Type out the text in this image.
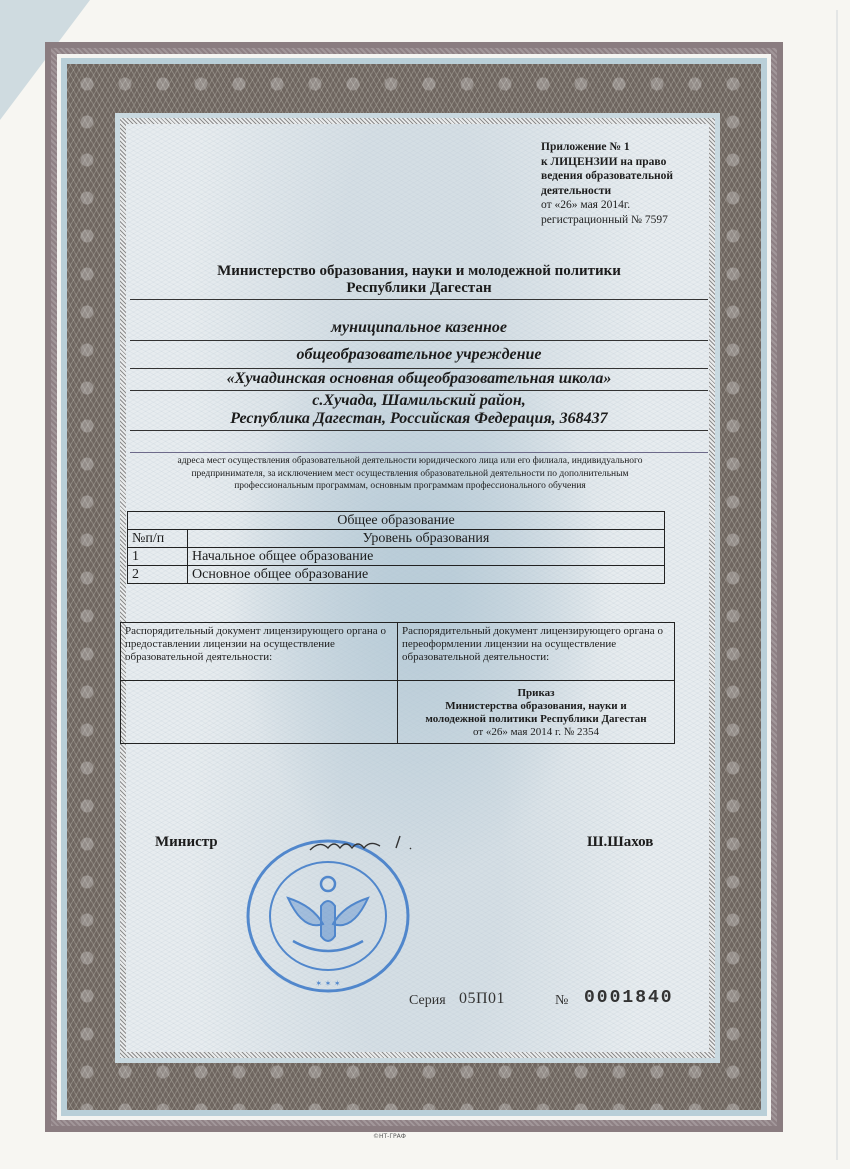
Приложение № 1
к ЛИЦЕНЗИИ на право
ведения образовательной
деятельности
от «26» мая 2014г.
регистрационный № 7597
Министерство образования, науки и молодежной политики
Республики Дагестан
муниципальное казенное
общеобразовательное учреждение
«Хучадинская основная общеобразовательная школа»
с.Хучада, Шамильский район,
Республика Дагестан, Российская Федерация, 368437
адреса мест осуществления образовательной деятельности юридического лица или его филиала, индивидуального
предпринимателя, за исключением мест осуществления образовательной деятельности по дополнительным
профессиональным программам, основным программам профессионального обучения
Общее образование	
№п/п	Уровень образования
1	Начальное общее образование
2	Основное общее образование
Распорядительный документ лицензирующего органа о предоставлении лицензии на осуществление образовательной деятельности:	Распорядительный документ лицензирующего органа о переоформлении лицензии на осуществление образовательной деятельности:

	Приказ
Министерства образования, науки и
молодежной политики Республики Дагестан
от «26» мая 2014 г. № 2354
✶ ✶ ✶
Министр	Ш.Шахов
Серия 05П01	№ 0001840
©НТ-ГРАФ
